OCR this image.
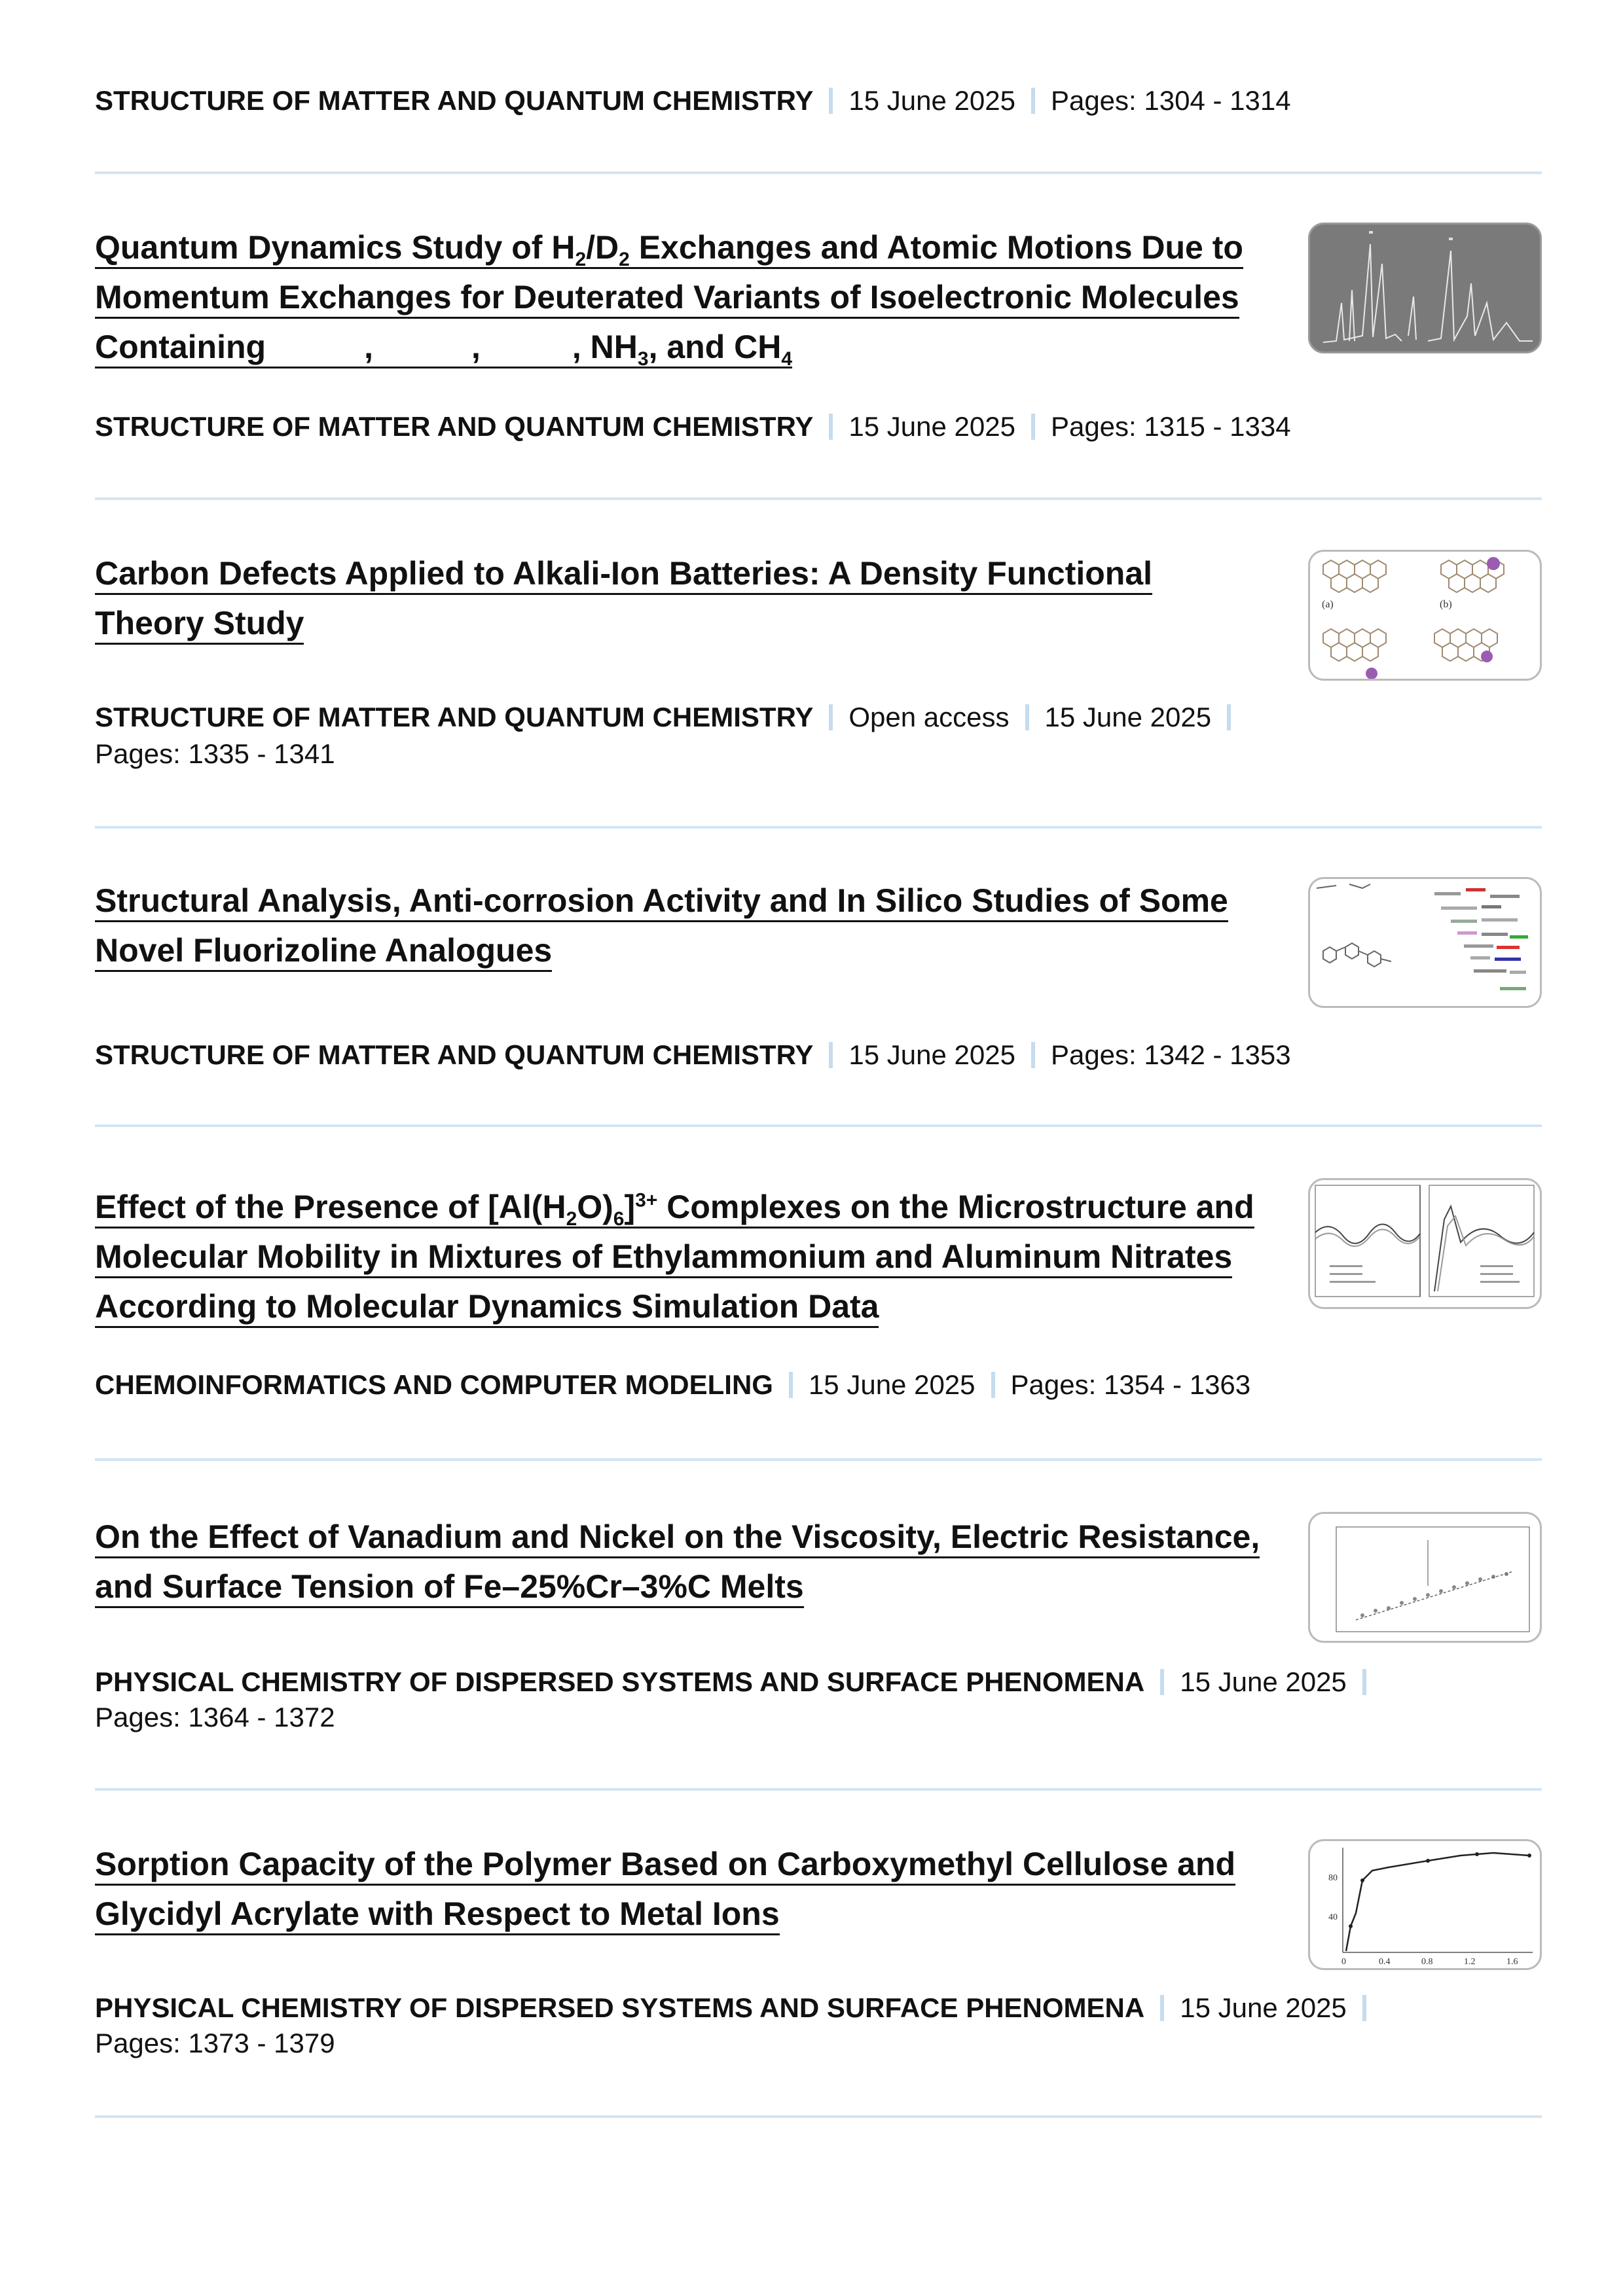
STRUCTURE OF MATTER AND QUANTUM CHEMISTRY 15 June 2025 Pages: 1304 - 1314
Quantum Dynamics Study of $H_2/D_2$ Exchanges and Atomic Motions Due to Momentum Exchanges for Deuterated Variants of Isoelectronic Molecules Containing	,	,	, $NH_3$, and $CH_4$
STRUCTURE OF MATTER AND QUANTUM CHEMISTRY 15 June 2025 Pages: 1315 - 1334
Carbon Defects Applied to Alkali-Ion Batteries: A Density Functional Theory Study
(a)	(b)
STRUCTURE OF MATTER AND QUANTUM CHEMISTRY Open access 15 June 2025
Pages: 1335 - 1341
Structural Analysis, Anti-corrosion Activity and In Silico Studies of Some Novel Fluorizoline Analogues
STRUCTURE OF MATTER AND QUANTUM CHEMISTRY 15 June 2025 Pages: 1342 - 1353
Effect of the Presence of $[Al(H_2O)_6]^{3+}$ Complexes on the Microstructure and Molecular Mobility in Mixtures of Ethylammonium and Aluminum Nitrates According to Molecular Dynamics Simulation Data
CHEMOINFORMATICS AND COMPUTER MODELING 15 June 2025 Pages: 1354 - 1363
On the Effect of Vanadium and Nickel on the Viscosity, Electric Resistance, and Surface Tension of Fe–25%Cr–3%C Melts
PHYSICAL CHEMISTRY OF DISPERSED SYSTEMS AND SURFACE PHENOMENA 15 June 2025
Pages: 1364 - 1372
Sorption Capacity of the Polymer Based on Carboxymethyl Cellulose and Glycidyl Acrylate with Respect to Metal Ions
0	0.4	0.8	1.2	1.6
40
80
PHYSICAL CHEMISTRY OF DISPERSED SYSTEMS AND SURFACE PHENOMENA 15 June 2025
Pages: 1373 - 1379
